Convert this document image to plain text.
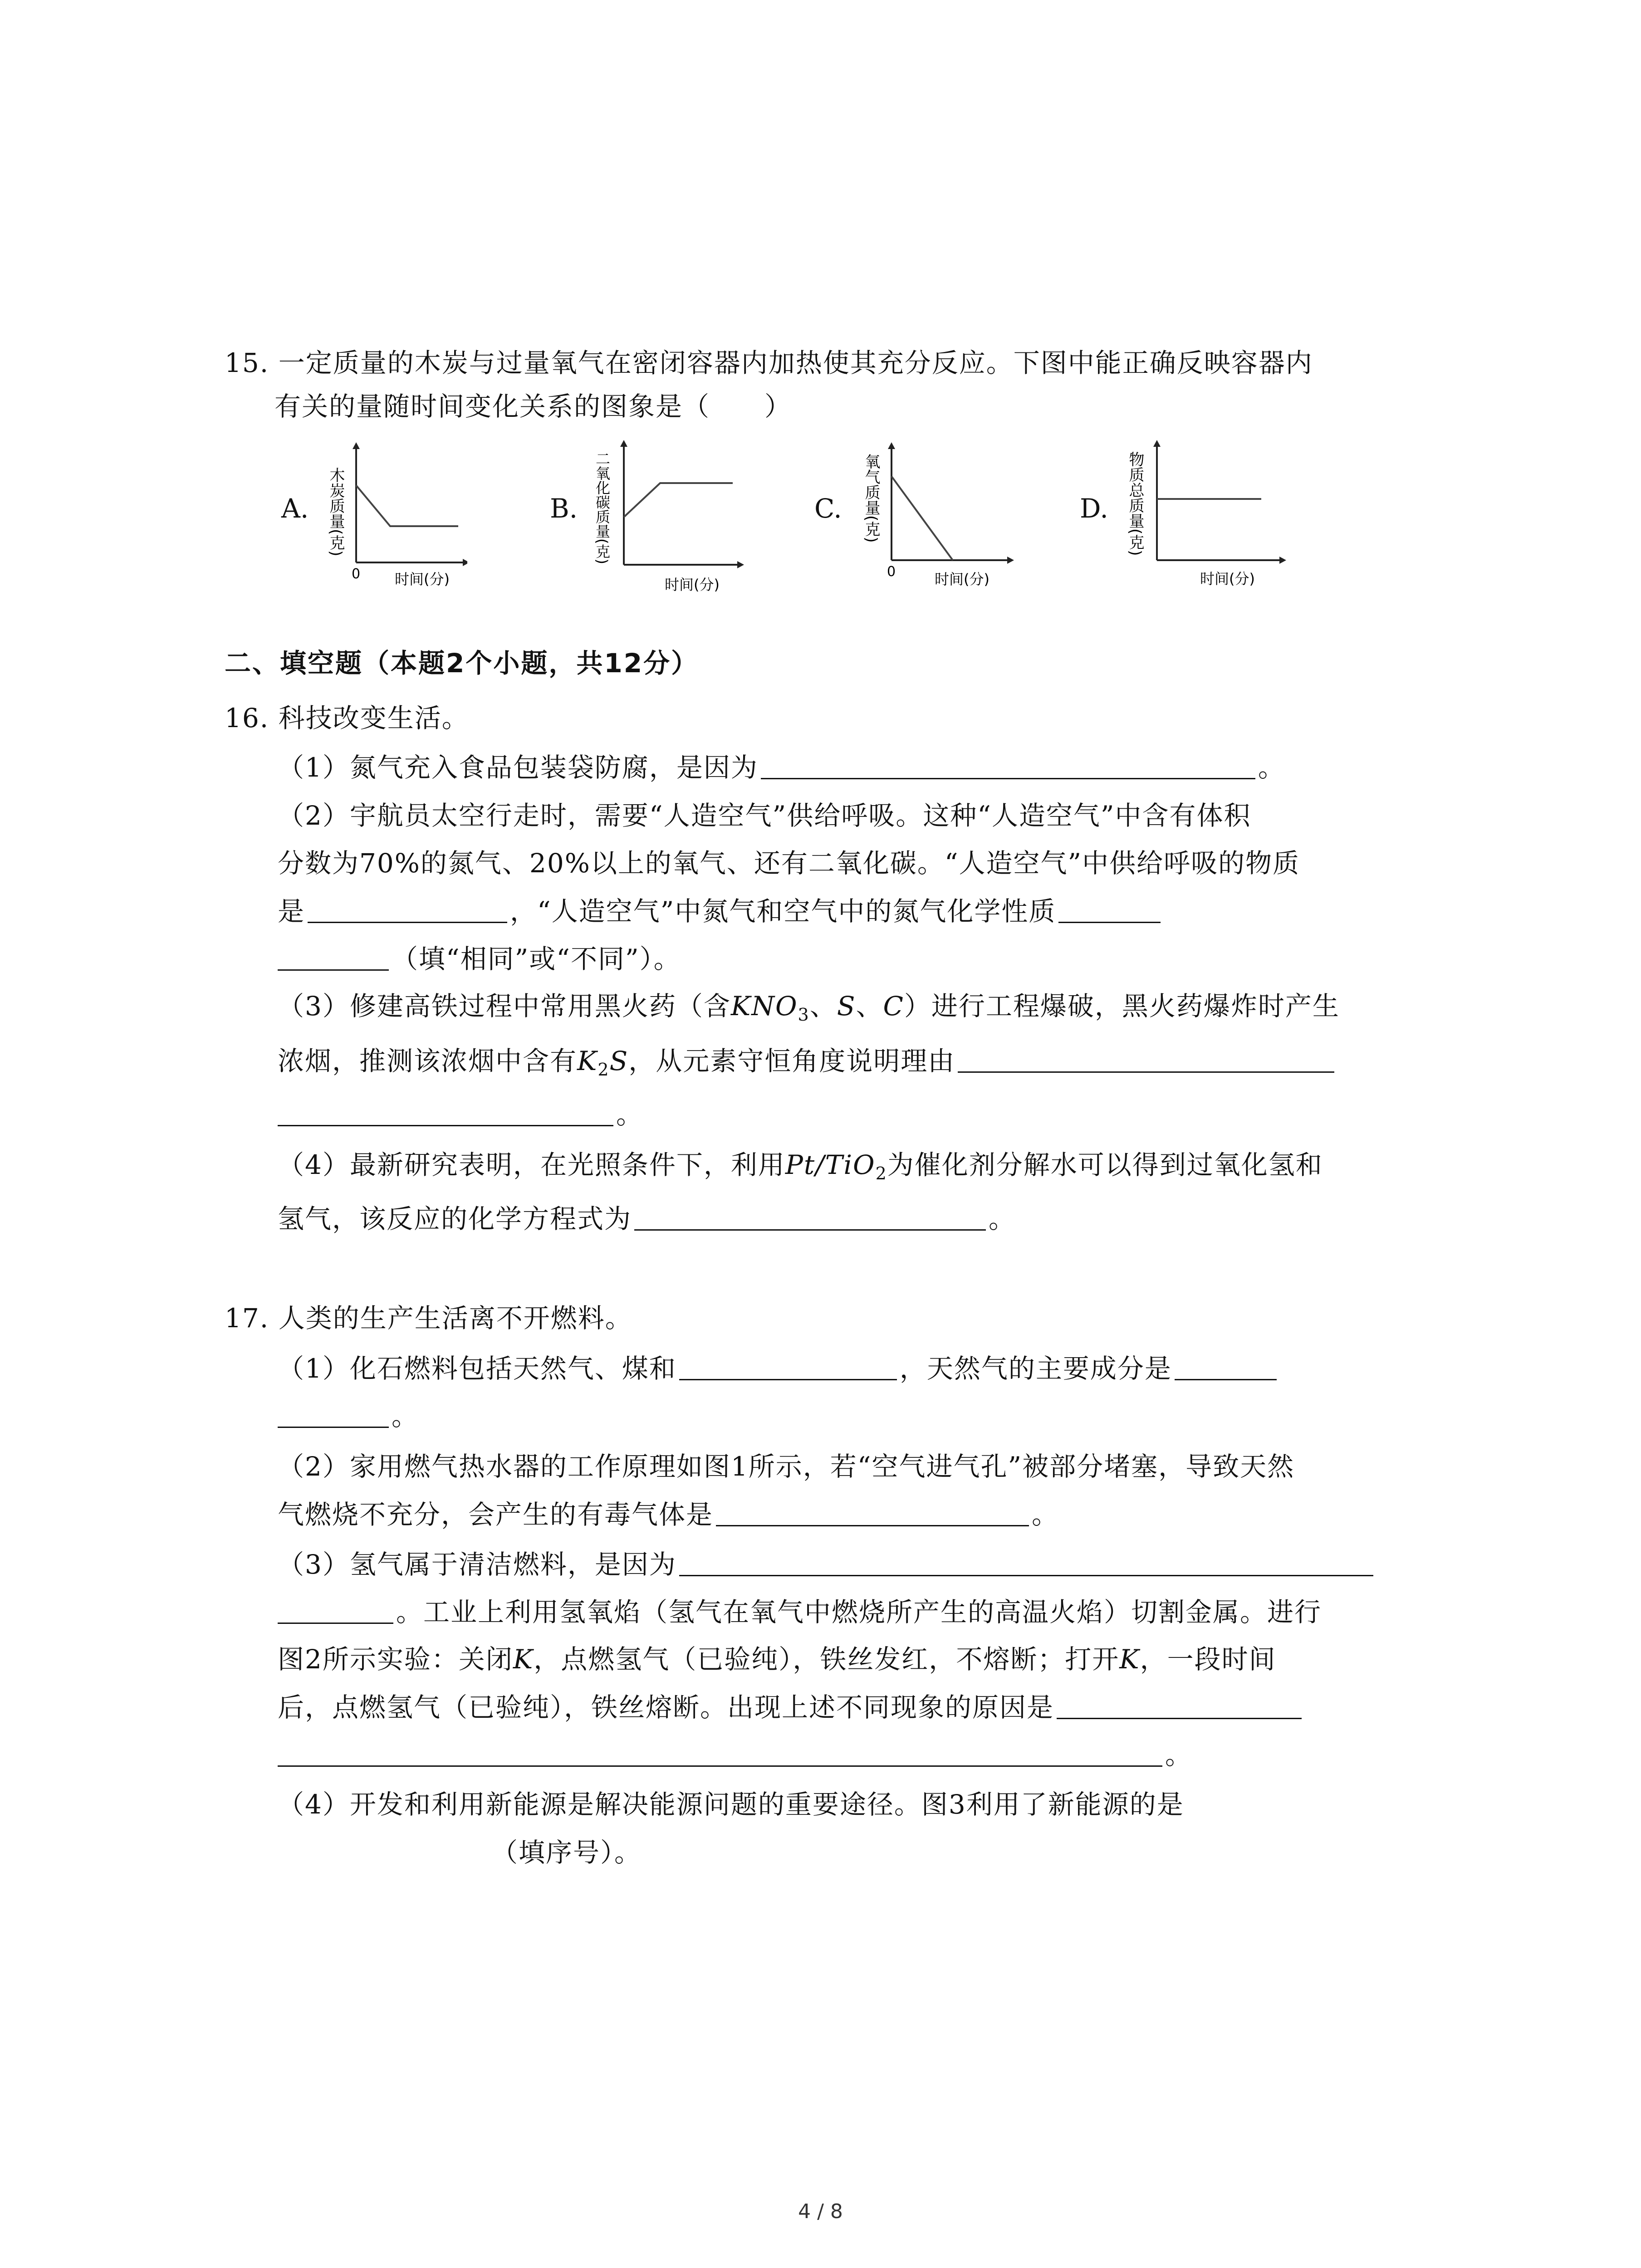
15. 一定质量的木炭与过量氧气在密闭容器内加热使其充分反应。下图中能正确反映容器内
有关的量随时间变化关系的图象是（　　）
A. 木炭质量(克)
0 时间(分)
B. 二氧化碳质量(克)
时间(分)
C. 氧气质量(克)
0	时间(分)
D. 物质总质量(克)
时间(分)
二、填空题（本题2个小题，共12分）
16. 科技改变生活。
（1）氮气充入食品包装袋防腐，是因为	。
（2）宇航员太空行走时，需要“人造空气”供给呼吸。这种“人造空气”中含有体积
分数为70%的氮气、20%以上的氧气、还有二氧化碳。“人造空气”中供给呼吸的物质
是	，“人造空气”中氮气和空气中的氮气化学性质
（填“相同”或“不同”）。
（3）修建高铁过程中常用黑火药（含$KNO_3$、S、C）进行工程爆破，黑火药爆炸时产生
浓烟，推测该浓烟中含有$K_2S$，从元素守恒角度说明理由
。
（4）最新研究表明，在光照条件下，利用Pt/TiO$_2$为催化剂分解水可以得到过氧化氢和
氢气，该反应的化学方程式为	。
17. 人类的生产生活离不开燃料。
（1）化石燃料包括天然气、煤和	，天然气的主要成分是
。
（2）家用燃气热水器的工作原理如图1所示，若“空气进气孔”被部分堵塞，导致天然
气燃烧不充分，会产生的有毒气体是	。
（3）氢气属于清洁燃料，是因为
。工业上利用氢氧焰（氢气在氧气中燃烧所产生的高温火焰）切割金属。进行
图2所示实验：关闭K，点燃氢气（已验纯），铁丝发红，不熔断；打开K，一段时间
后，点燃氢气（已验纯），铁丝熔断。出现上述不同现象的原因是
。
（4）开发和利用新能源是解决能源问题的重要途径。图3利用了新能源的是
（填序号）。
4 / 8
